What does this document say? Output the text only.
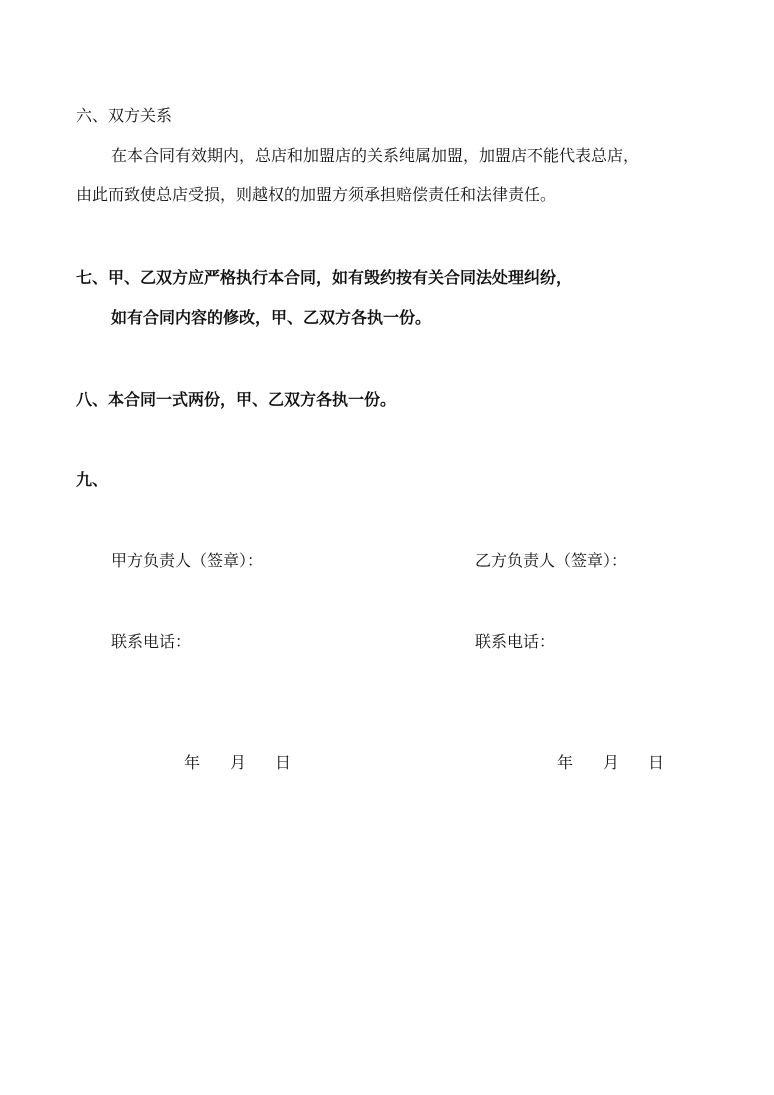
六、双方关系
在本合同有效期内，总店和加盟店的关系纯属加盟，加盟店不能代表总店，
由此而致使总店受损，则越权的加盟方须承担赔偿责任和法律责任。
七、甲、乙双方应严格执行本合同，如有毁约按有关合同法处理纠纷，
如有合同内容的修改，甲、乙双方各执一份。
八、本合同一式两份，甲、乙双方各执一份。
九、
甲方负责人（签章）：	乙方负责人（签章）：
联系电话：	联系电话：
年 月 日	年 月 日
